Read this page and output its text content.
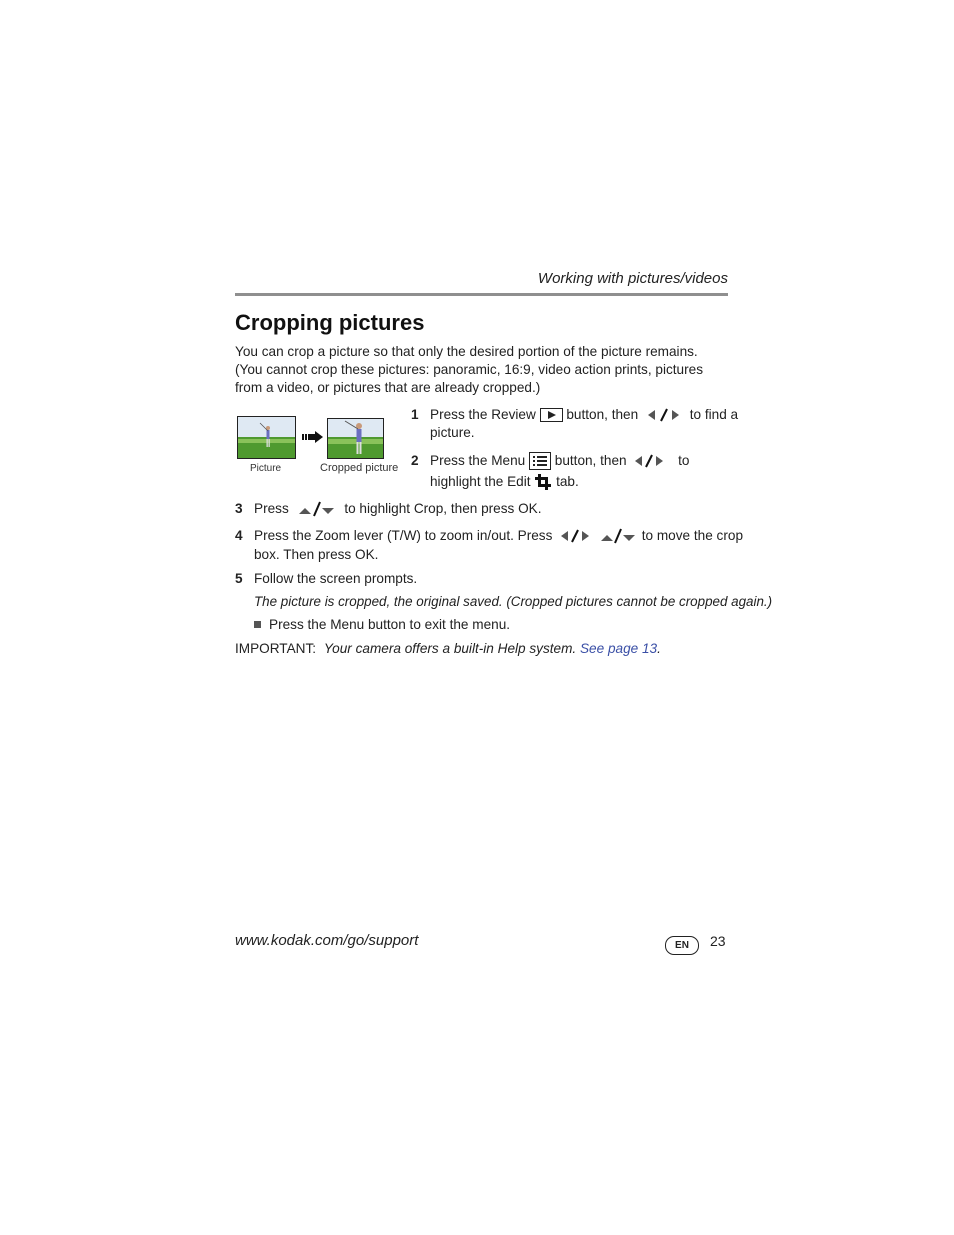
Working with pictures/videos
Cropping pictures
You can crop a picture so that only the desired portion of the picture remains. (You cannot crop these pictures: panoramic, 16:9, video action prints, pictures from a video, or pictures that are already cropped.)
Picture	Cropped picture
1 Press the Review button, then	to find a
picture.
2 Press the Menu button, then	to
highlight the Edit tab.
3 Press	to highlight Crop, then press OK.
4 Press the Zoom lever (T/W) to zoom in/out. Press	to move the crop
box. Then press OK.
5 Follow the screen prompts.
The picture is cropped, the original saved. (Cropped pictures cannot be cropped again.)
Press the Menu button to exit the menu.
IMPORTANT: Your camera offers a built-in Help system. See page 13.
www.kodak.com/go/support	EN	23
